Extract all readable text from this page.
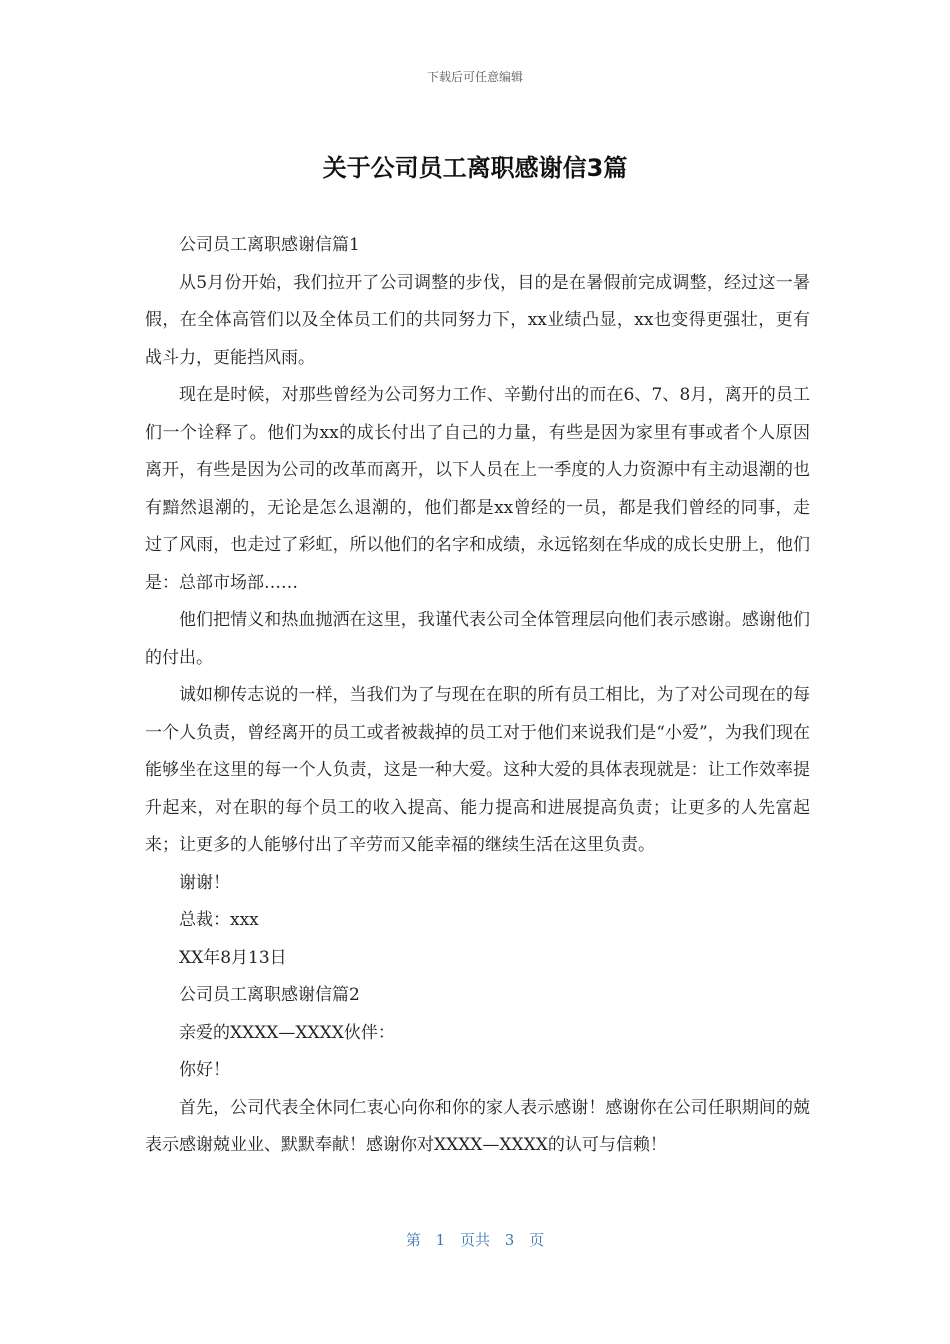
下载后可任意编辑
关于公司员工离职感谢信3篇

公司员工离职感谢信篇1

从5月份开始，我们拉开了公司调整的步伐，目的是在暑假前完成调整，经过这一暑假，在全体高管们以及全体员工们的共同努力下，xx业绩凸显，xx也变得更强壮，更有战斗力，更能挡风雨。

现在是时候，对那些曾经为公司努力工作、辛勤付出的而在6、7、8月，离开的员工们一个诠释了。他们为xx的成长付出了自己的力量，有些是因为家里有事或者个人原因离开，有些是因为公司的改革而离开，以下人员在上一季度的人力资源中有主动退潮的也有黯然退潮的，无论是怎么退潮的，他们都是xx曾经的一员，都是我们曾经的同事，走过了风雨，也走过了彩虹，所以他们的名字和成绩，永远铭刻在华成的成长史册上，他们是：总部市场部……

他们把情义和热血抛洒在这里，我谨代表公司全体管理层向他们表示感谢。感谢他们的付出。

诚如柳传志说的一样，当我们为了与现在在职的所有员工相比，为了对公司现在的每一个人负责，曾经离开的员工或者被裁掉的员工对于他们来说我们是“小爱”，为我们现在能够坐在这里的每一个人负责，这是一种大爱。这种大爱的具体表现就是：让工作效率提升起来，对在职的每个员工的收入提高、能力提高和进展提高负责；让更多的人先富起来；让更多的人能够付出了辛劳而又能幸福的继续生活在这里负责。

谢谢！

总裁：xxx

XX年8月13日

公司员工离职感谢信篇2

亲爱的XXXX—XXXX伙伴：

你好！

首先，公司代表全休同仁衷心向你和你的家人表示感谢！感谢你在公司任职期间的兢表示感谢兢业业、默默奉献！感谢你对XXXX—XXXX的认可与信赖！

第 1 页共 3 页
